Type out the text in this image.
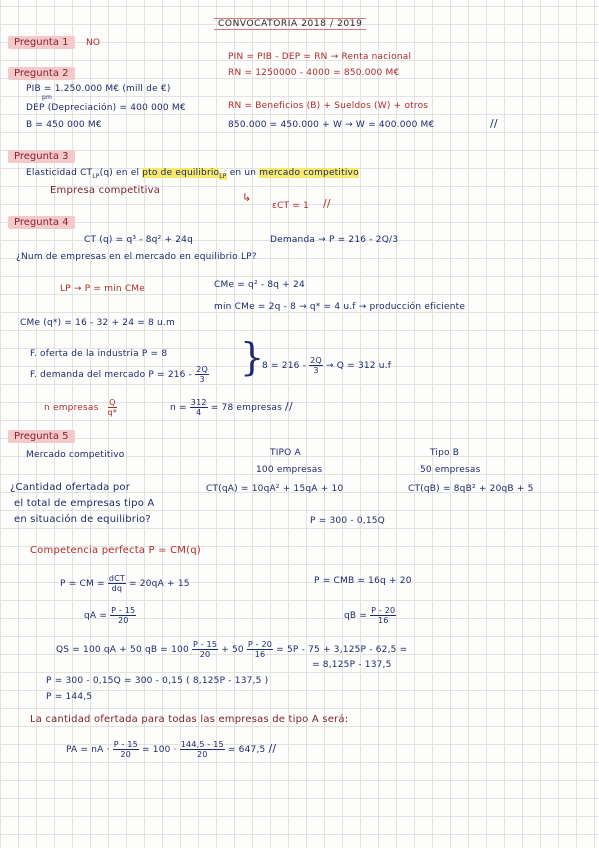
CONVOCATORIA 2018 / 2019
Pregunta 1	NO
PIN = PIB - DEP = RN → Renta nacional
RN = 1250000 - 4000 = 850.000 M€
Pregunta 2
PIB = 1.250.000 M€ (mill de €)
pm
DEP (Depreciación) = 400 000 M€
B = 450 000 M€
RN = Beneficios (B) + Sueldos (W) + otros
850.000 = 450.000 + W → W = 400.000 M€	//
Pregunta 3
Elasticidad $CT_{LP}(q)$ en el pto de equilibrio$_{LP}$ en un mercado competitivo
Empresa competitiva
↳
εCT = 1 //
Pregunta 4
CT (q) = q³ - 8q² + 24q	Demanda → P = 216 - 2Q/3
¿Num de empresas en el mercado en equilibrio LP?
LP → P = min CMe	CMe = q² - 8q + 24
min CMe = 2q - 8 → q* = 4 u.f → producción eficiente
CMe (q*) = 16 - 32 + 24 = 8 u.m
F. oferta de la industria P = 8
F. demanda del mercado $P = 216 - \frac{2Q}{3}$ }
$8 = 216 - \frac{2Q}{3} \to Q = 312$ u.f
n empresas $\frac{Q}{q*}$	$n = \frac{312}{4} = 78$ empresas //
Pregunta 5
Mercado competitivo	TIPO A
100 empresas
Tipo B
50 empresas
¿Cantidad ofertada por
el total de empresas tipo A
en situación de equilibrio?
CT(qA) = 10qA² + 15qA + 10	CT(qB) = 8qB² + 20qB + 5
P = 300 - 0,15Q
Competencia perfecta P = CM(q)
P = CM = $\frac{\text{dCT}}{dq} = 20qA + 15$	P = CMB = 16q + 20
qA = $\frac{P - 15}{20}$	qB = $\frac{P - 20}{16}$
QS = 100 qA + 50 qB = $100 \frac{P - 15}{20} + 50 \frac{P - 20}{16} = 5P - 75 + 3,125P - 62,5$ =
= 8,125P - 137,5
P = 300 - 0,15Q = 300 - 0,15 ( 8,125P - 137,5 )
P = 144,5
La cantidad ofertada para todas las empresas de tipo A será:
PA = nA · $\frac{P - 15}{20} = 100 \cdot \frac{144,5 - 15}{20} = 647,5$ //
